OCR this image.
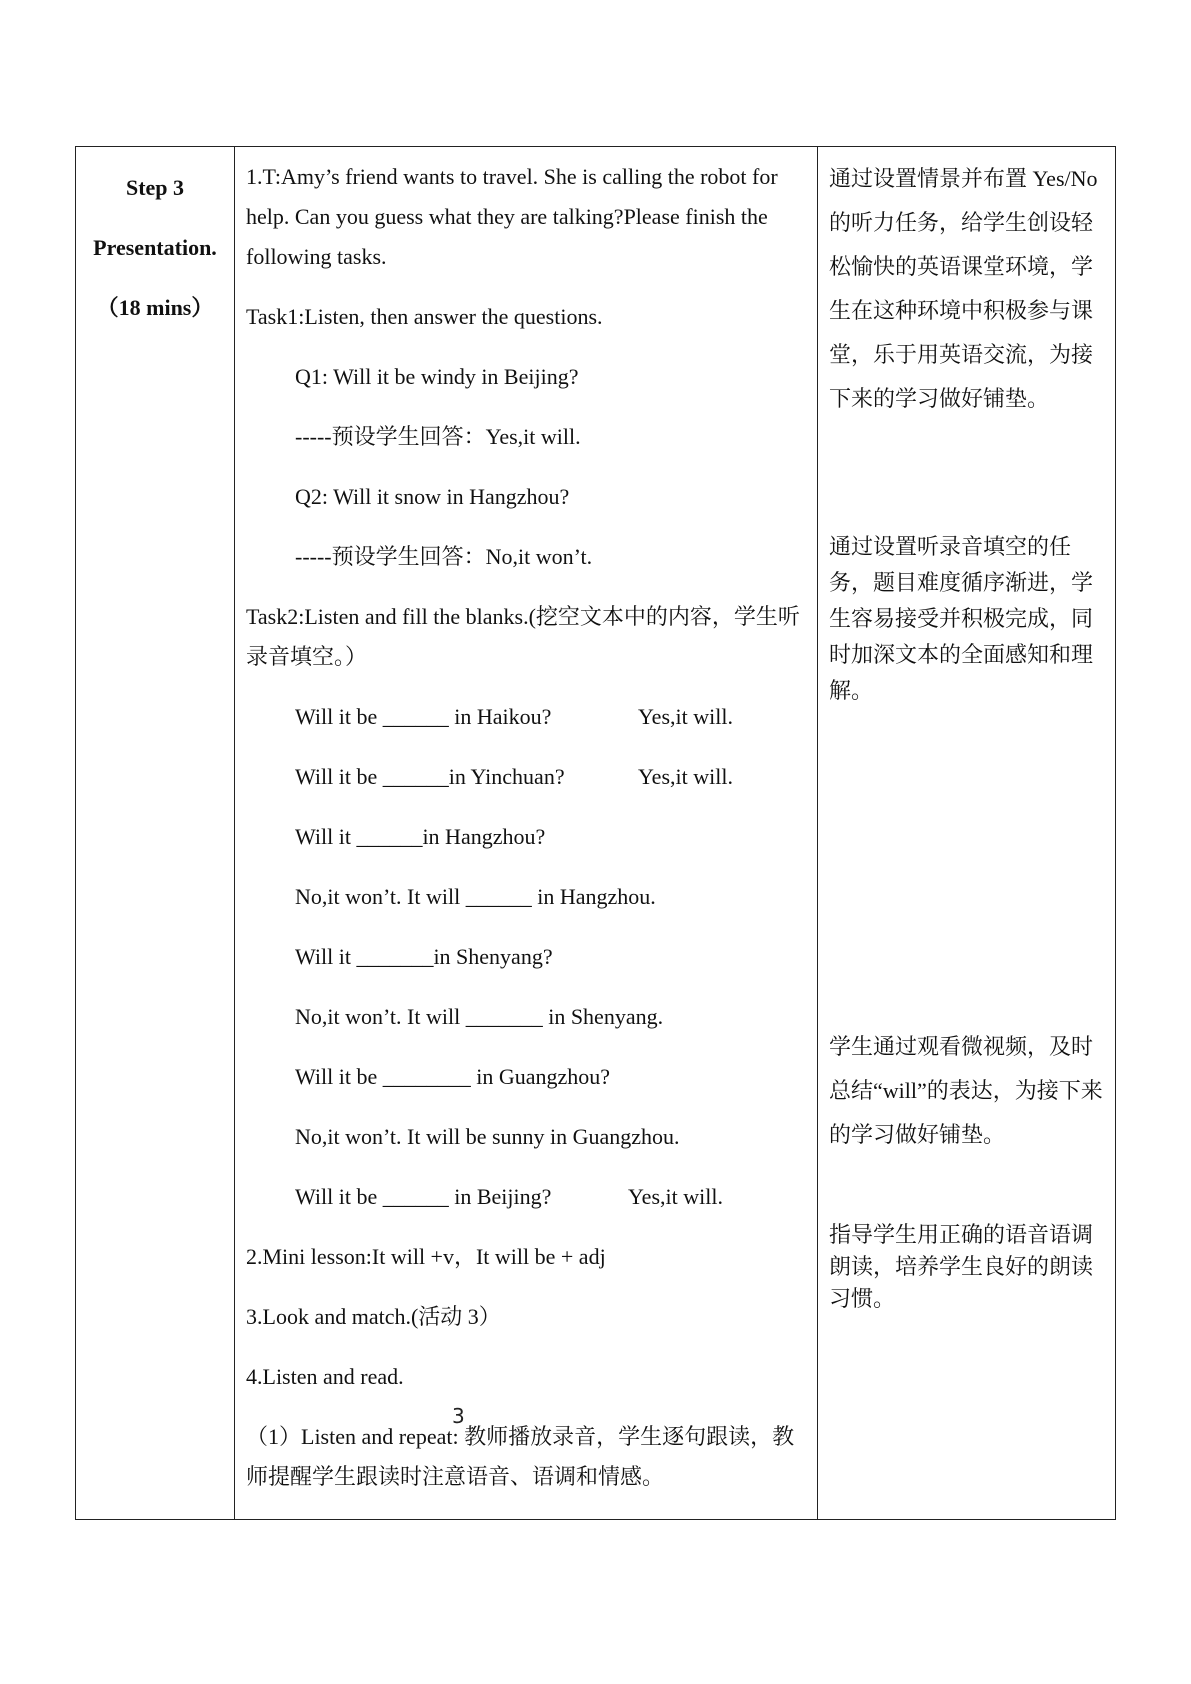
Step 3
Presentation.
（18 mins）

1.T:Amy’s friend wants to travel. She is calling the robot for help. Can you guess what they are talking?Please finish the following tasks.
Task1:Listen, then answer the questions.
Q1: Will it be windy in Beijing?
-----预设学生回答：Yes,it will.
Q2: Will it snow in Hangzhou?
-----预设学生回答：No,it won’t.
Task2:Listen and fill the blanks.(挖空文本中的内容，学生听录音填空。）
Will it be ______ in Haikou?	Yes,it will.
Will it be ______in Yinchuan?	Yes,it will.
Will it ______in Hangzhou?
No,it won’t. It will ______ in Hangzhou.
Will it _______in Shenyang?
No,it won’t. It will _______ in Shenyang.
Will it be ________ in Guangzhou?
No,it won’t. It will be sunny in Guangzhou.
Will it be ______ in Beijing?	Yes,it will.
2.Mini lesson:It will +v，It will be + adj
3.Look and match.(活动 3）
4.Listen and read.
（1）Listen and repeat: 教师播放录音，学生逐句跟读，教师提醒学生跟读时注意语音、语调和情感。

通过设置情景并布置 Yes/No 的听力任务，给学生创设轻松愉快的英语课堂环境，学生在这种环境中积极参与课堂，乐于用英语交流，为接下来的学习做好铺垫。
通过设置听录音填空的任务，题目难度循序渐进，学生容易接受并积极完成，同时加深文本的全面感知和理解。
学生通过观看微视频，及时总结“will”的表达，为接下来的学习做好铺垫。
指导学生用正确的语音语调朗读，培养学生良好的朗读习惯。
3
